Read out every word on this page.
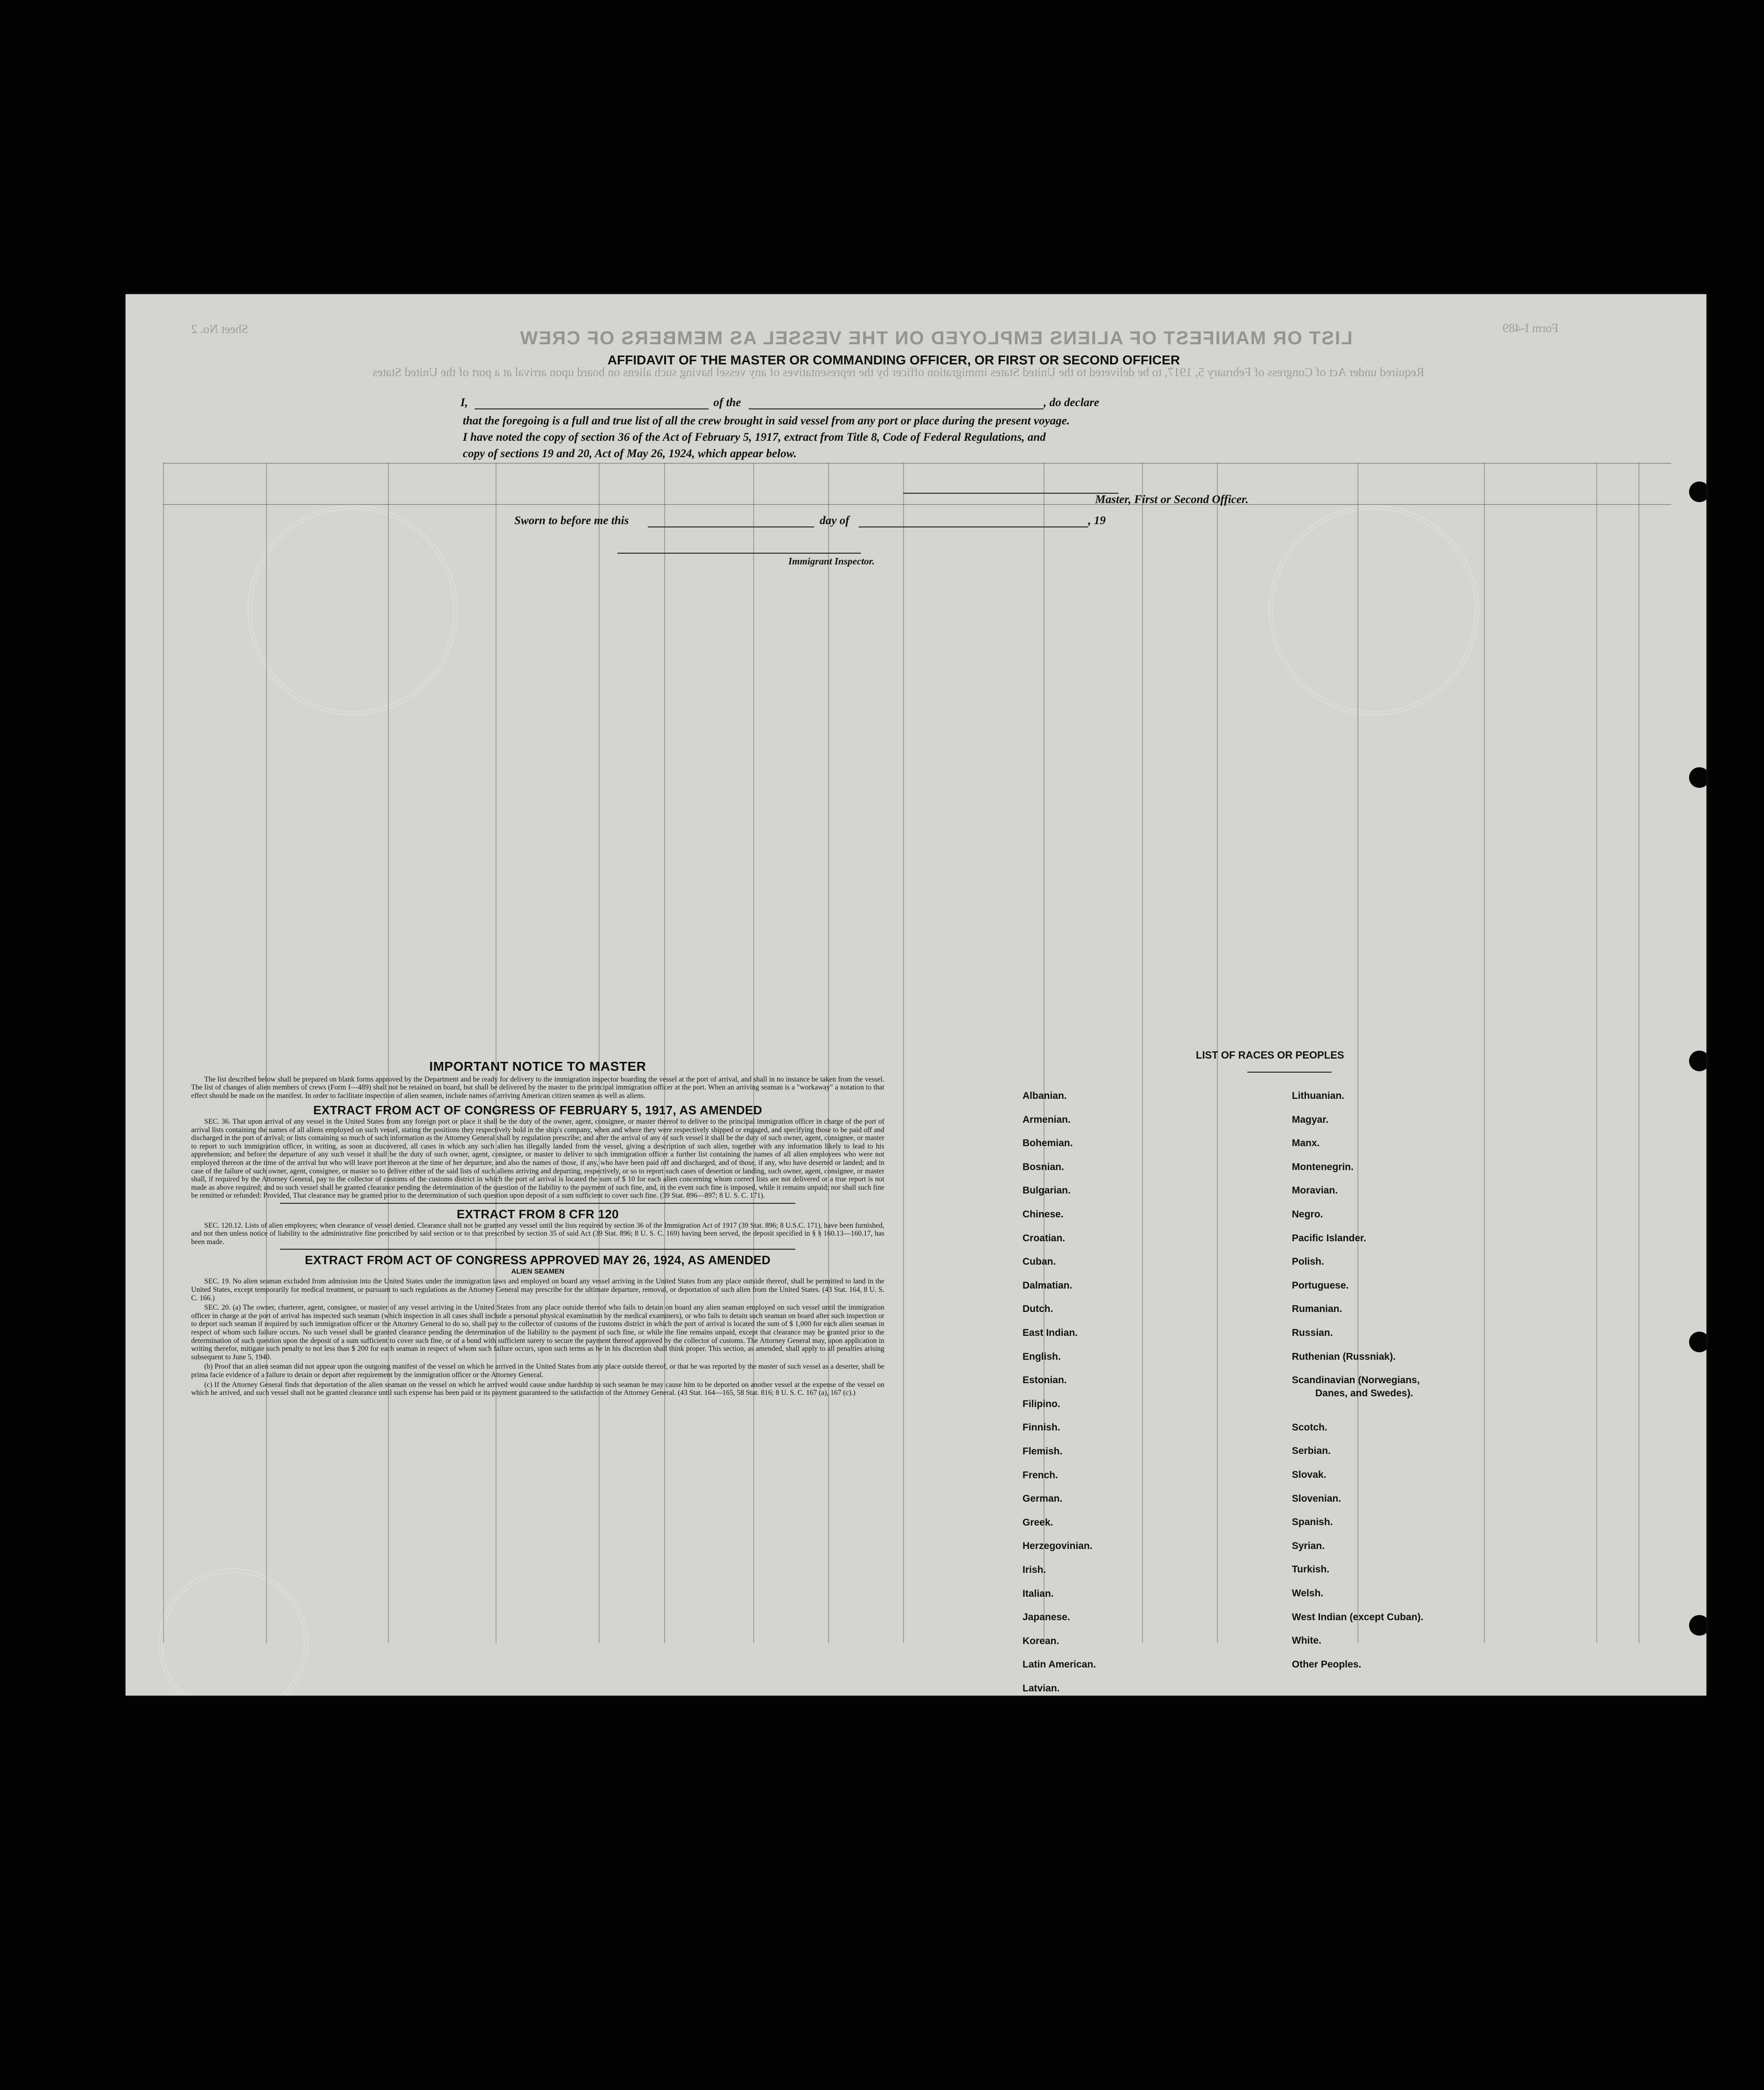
LIST OR MANIFEST OF ALIENS EMPLOYED ON THE VESSEL AS MEMBERS OF CREW
Required under Act of Congress of February 5, 1917, to be delivered to the United States immigration officer by the representatives of any vessel having such aliens on board upon arrival at a port of the United States
Sheet No. 2	Form I-489
AFFIDAVIT OF THE MASTER OR COMMANDING OFFICER, OR FIRST OR SECOND OFFICER
I,	of the	, do declare
that the foregoing is a full and true list of all the crew brought in said vessel from any port or place during the present voyage.
I have noted the copy of section 36 of the Act of February 5, 1917, extract from Title 8, Code of Federal Regulations, and
copy of sections 19 and 20, Act of May 26, 1924, which appear below.
Master, First or Second Officer.
Sworn to before me this	day of	, 19
Immigrant Inspector.
IMPORTANT NOTICE TO MASTER

The list described below shall be prepared on blank forms approved by the Department and be ready for delivery to the immigration inspector boarding the vessel at the port of arrival, and shall in no instance be taken from the vessel. The list of changes of alien members of crews (Form I—489) shall not be retained on board, but shall be delivered by the master to the principal immigration officer at the port. When an arriving seaman is a "workaway" a notation to that effect should be made on the manifest. In order to facilitate inspection of alien seamen, include names of arriving American citizen seamen as well as aliens.

EXTRACT FROM ACT OF CONGRESS OF FEBRUARY 5, 1917, AS AMENDED

SEC. 36. That upon arrival of any vessel in the United States from any foreign port or place it shall be the duty of the owner, agent, consignee, or master thereof to deliver to the principal immigration officer in charge of the port of arrival lists containing the names of all aliens employed on such vessel, stating the positions they respectively hold in the ship's company, when and where they were respectively shipped or engaged, and specifying those to be paid off and discharged in the port of arrival; or lists containing so much of such information as the Attorney General shall by regulation prescribe; and after the arrival of any of such vessel it shall be the duty of such owner, agent, consignee, or master to report to such immigration officer, in writing, as soon as discovered, all cases in which any such alien has illegally landed from the vessel, giving a description of such alien, together with any information likely to lead to his apprehension; and before the departure of any such vessel it shall be the duty of such owner, agent, consignee, or master to deliver to such immigration officer a further list containing the names of all alien employees who were not employed thereon at the time of the arrival but who will leave port thereon at the time of her departure, and also the names of those, if any, who have been paid off and discharged, and of those, if any, who have deserted or landed; and in case of the failure of such owner, agent, consignee, or master so to deliver either of the said lists of such aliens arriving and departing, respectively, or so to report such cases of desertion or landing, such owner, agent, consignee, or master shall, if required by the Attorney General, pay to the collector of customs of the customs district in which the port of arrival is located the sum of $ 10 for each alien concerning whom correct lists are not delivered or a true report is not made as above required; and no such vessel shall be granted clearance pending the determination of the question of the liability to the payment of such fine, and, in the event such fine is imposed, while it remains unpaid; nor shall such fine be remitted or refunded: Provided, That clearance may be granted prior to the determination of such question upon deposit of a sum sufficient to cover such fine. (39 Stat. 896—897; 8 U. S. C. 171).

EXTRACT FROM 8 CFR 120

SEC. 120.12. Lists of alien employees; when clearance of vessel denied. Clearance shall not be granted any vessel until the lists required by section 36 of the Immigration Act of 1917 (39 Stat. 896; 8 U.S.C. 171), have been furnished, and not then unless notice of liability to the administrative fine prescribed by said section or to that prescribed by section 35 of said Act (39 Stat. 896; 8 U. S. C. 169) having been served, the deposit specified in § § 160.13—160.17, has been made.

EXTRACT FROM ACT OF CONGRESS APPROVED MAY 26, 1924, AS AMENDED
ALIEN SEAMEN

SEC. 19. No alien seaman excluded from admission into the United States under the immigration laws and employed on board any vessel arriving in the United States from any place outside thereof, shall be permitted to land in the United States, except temporarily for medical treatment, or pursuant to such regulations as the Attorney General may prescribe for the ultimate departure, removal, or deportation of such alien from the United States. (43 Stat. 164, 8 U. S. C. 166.)

SEC. 20. (a) The owner, charterer, agent, consignee, or master of any vessel arriving in the United States from any place outside thereof who fails to detain on board any alien seaman employed on such vessel until the immigration officer in charge at the port of arrival has inspected such seaman (which inspection in all cases shall include a personal physical examination by the medical examiners), or who fails to detain such seaman on board after such inspection or to deport such seaman if required by such immigration officer or the Attorney General to do so, shall pay to the collector of customs of the customs district in which the port of arrival is located the sum of $ 1,000 for each alien seaman in respect of whom such failure occurs. No such vessel shall be granted clearance pending the determination of the liability to the payment of such fine, or while the fine remains unpaid, except that clearance may be granted prior to the determination of such question upon the deposit of a sum sufficient to cover such fine, or of a bond with sufficient surety to secure the payment thereof approved by the collector of customs. The Attorney General may, upon application in writing therefor, mitigate such penalty to not less than $ 200 for each seaman in respect of whom such failure occurs, upon such terms as he in his discretion shall think proper. This section, as amended, shall apply to all penalties arising subsequent to June 5, 1940.

(b) Proof that an alien seaman did not appear upon the outgoing manifest of the vessel on which he arrived in the United States from any place outside thereof, or that he was reported by the master of such vessel as a deserter, shall be prima facie evidence of a failure to detain or deport after requirement by the immigration officer or the Attorney General.

(c) If the Attorney General finds that deportation of the alien seaman on the vessel on which he arrived would cause undue hardship to such seaman he may cause him to be deported on another vessel at the expense of the vessel on which he arrived, and such vessel shall not be granted clearance until such expense has been paid or its payment guaranteed to the satisfaction of the Attorney General. (43 Stat. 164—165, 58 Stat. 816; 8 U. S. C. 167 (a), 167 (c).)

LIST OF RACES OR PEOPLES
Albanian.
Armenian.
Bohemian.
Bosnian.
Bulgarian.
Chinese.
Croatian.
Cuban.
Dalmatian.
Dutch.
East Indian.
English.
Estonian.
Filipino.
Finnish.
Flemish.
French.
German.
Greek.
Herzegovinian.
Irish.
Italian.
Japanese.
Korean.
Latin American.
Latvian.
Lithuanian.
Magyar.
Manx.
Montenegrin.
Moravian.
Negro.
Pacific Islander.
Polish.
Portuguese.
Rumanian.
Russian.
Ruthenian (Russniak).
Scandinavian (Norwegians,
Danes, and Swedes).
Scotch.
Serbian.
Slovak.
Slovenian.
Spanish.
Syrian.
Turkish.
Welsh.
West Indian (except Cuban).
White.
Other Peoples.
